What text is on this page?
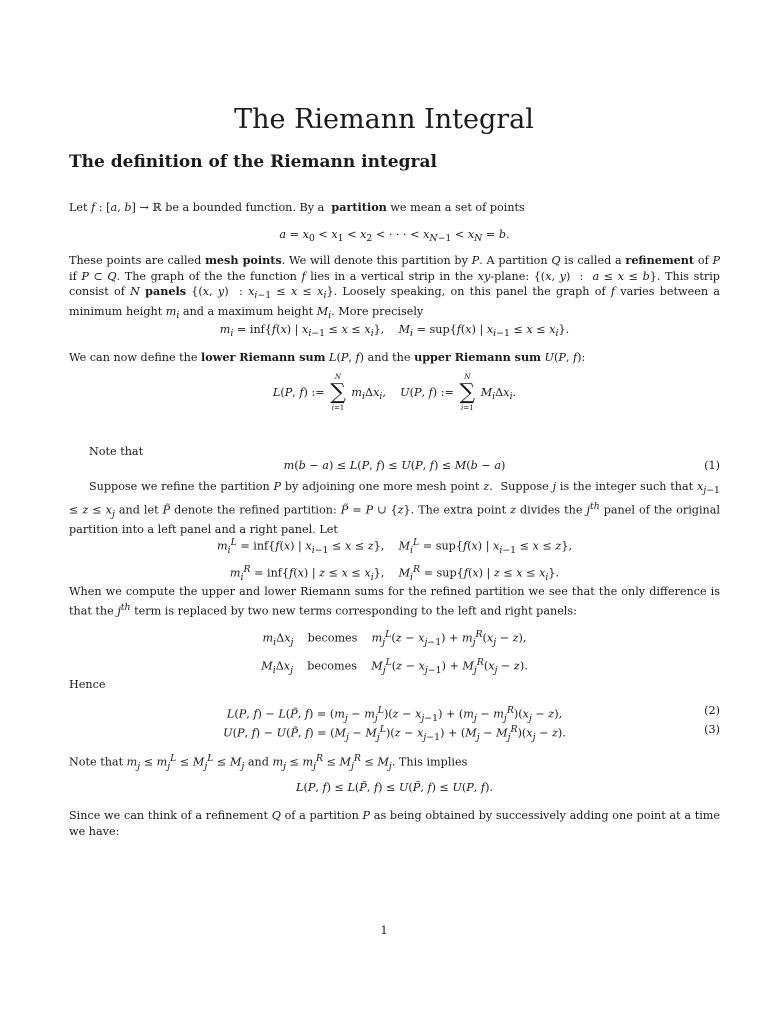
The Riemann Integral
The definition of the Riemann integral
Let f : [a, b] → ℝ be a bounded function. By a  partition we mean a set of points
$a = x_0 < x_1 < x_2$ < · · · < $x_{N-1} < x_N = b$.
These points are called mesh points. We will denote this partition by P. A partition Q is called a refinement of P if P ⊂ Q. The graph of the the function f lies in a vertical strip in the xy-plane: {(x, y)  :  a ≤ x ≤ b}. This strip consist of N panels {(x, y)  : $x_{i-1} \le x \le x_i$}. Loosely speaking, on this panel the graph of f varies between a minimum height $m_i$ and a maximum height $M_i$. More precisely
$m_i = inf\{f(x)$ | $x_{i-1} \le x \le x_i$},    $M_i = sup\{f(x)$ | $x_{i-1} \le x \le x_i$}.
We can now define the lower Riemann sum L(P, f) and the upper Riemann sum U(P, f):
L(P, f) :=
N
∑
i=1
$m_i\Delta x_i$,    U(P, f) :=
N
∑
i=1
$M_i\Delta x_i$.
Note that
m(b − a) ≤ L(P, f) ≤ U(P, f) ≤ M(b − a)	(1)
Suppose we refine the partition P by adjoining one more mesh point z.  Suppose j is the integer such that $x_{j-1} \le z \le x_j$ and let P̃ denote the refined partition: P̃ = P ∪ {z}. The extra point z divides the $j^{th}$ panel of the original partition into a left panel and a right panel. Let
$m_i^L = inf\{f(x)$ | $x_{i-1} \le x \le z$},    $M_i^L = sup\{f(x)$ | $x_{i-1} \le x \le z$},
$m_i^R = inf\{f(x)$ | $z \le x \le x_i$},    $M_i^R = sup\{f(x)$ | $z \le x \le x_i$}.
When we compute the upper and lower Riemann sums for the refined partition we see that the only difference is that the $j^{th}$ term is replaced by two new terms corresponding to the left and right panels:
$m_i\Delta x_j$    becomes    $m_j^L(z - x_{j-1}) + m_j^R(x_j - z)$,
$M_i\Delta x_j$    becomes    $M_j^L(z - x_{j-1}) + M_j^R(x_j - z)$.
Hence
L(P, f) − L(P̃, $f) = (m_j - m_j^L)(z - x_{j-1}) + (m_j - m_j^R)(x_j - z)$,	(2)
U(P, f) − U(P̃, $f) = (M_j - M_j^L)(z - x_{j-1}) + (M_j - M_j^R)(x_j - z)$.	(3)
Note that $m_j \le m_j^L \le M_j^L \le M_j$ and $m_j \le m_j^R \le M_j^R \le M_j$. This implies
L(P, f) ≤ L(P̃, f) ≤ U(P̃, f) ≤ U(P, f).
Since we can think of a refinement Q of a partition P as being obtained by successively adding one point at a time we have:
1
